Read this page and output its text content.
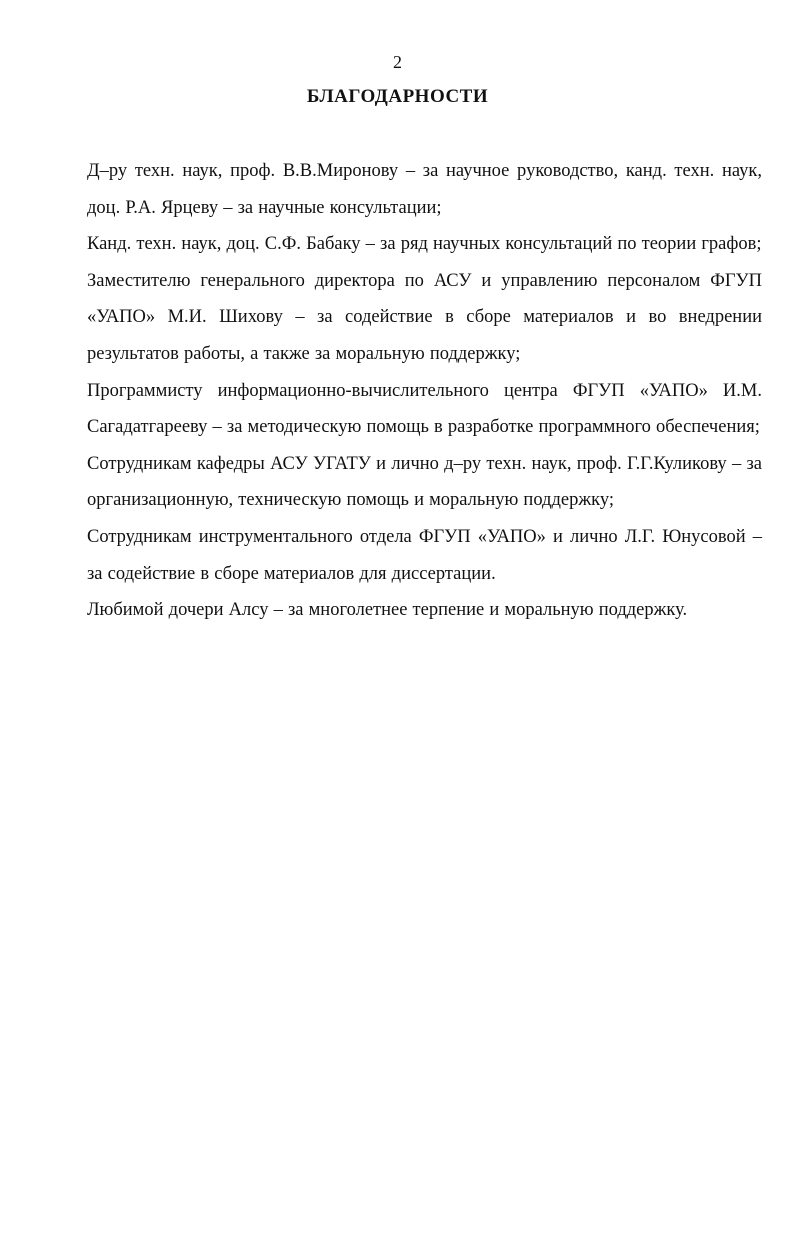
2

БЛАГОДАРНОСТИ

Д–ру техн. наук, проф. В.В.Миронову – за научное руководство, канд. техн. наук, доц. Р.А. Ярцеву – за научные консультации;

Канд. техн. наук, доц. С.Ф. Бабаку – за ряд научных консультаций по теории графов;

Заместителю генерального директора по АСУ и управлению персоналом ФГУП «УАПО» М.И. Шихову – за содействие в сборе материалов и во внедрении результатов работы, а также за моральную поддержку;

Программисту информационно-вычислительного центра ФГУП «УАПО» И.М. Сагадатгарееву – за методическую помощь в разработке программного обеспечения;

Сотрудникам кафедры АСУ УГАТУ и лично д–ру техн. наук, проф. Г.Г.Куликову – за организационную, техническую помощь и моральную поддержку;

Сотрудникам инструментального отдела ФГУП «УАПО» и лично Л.Г. Юнусовой – за содействие в сборе материалов для диссертации.

Любимой дочери Алсу – за многолетнее терпение и моральную поддержку.
